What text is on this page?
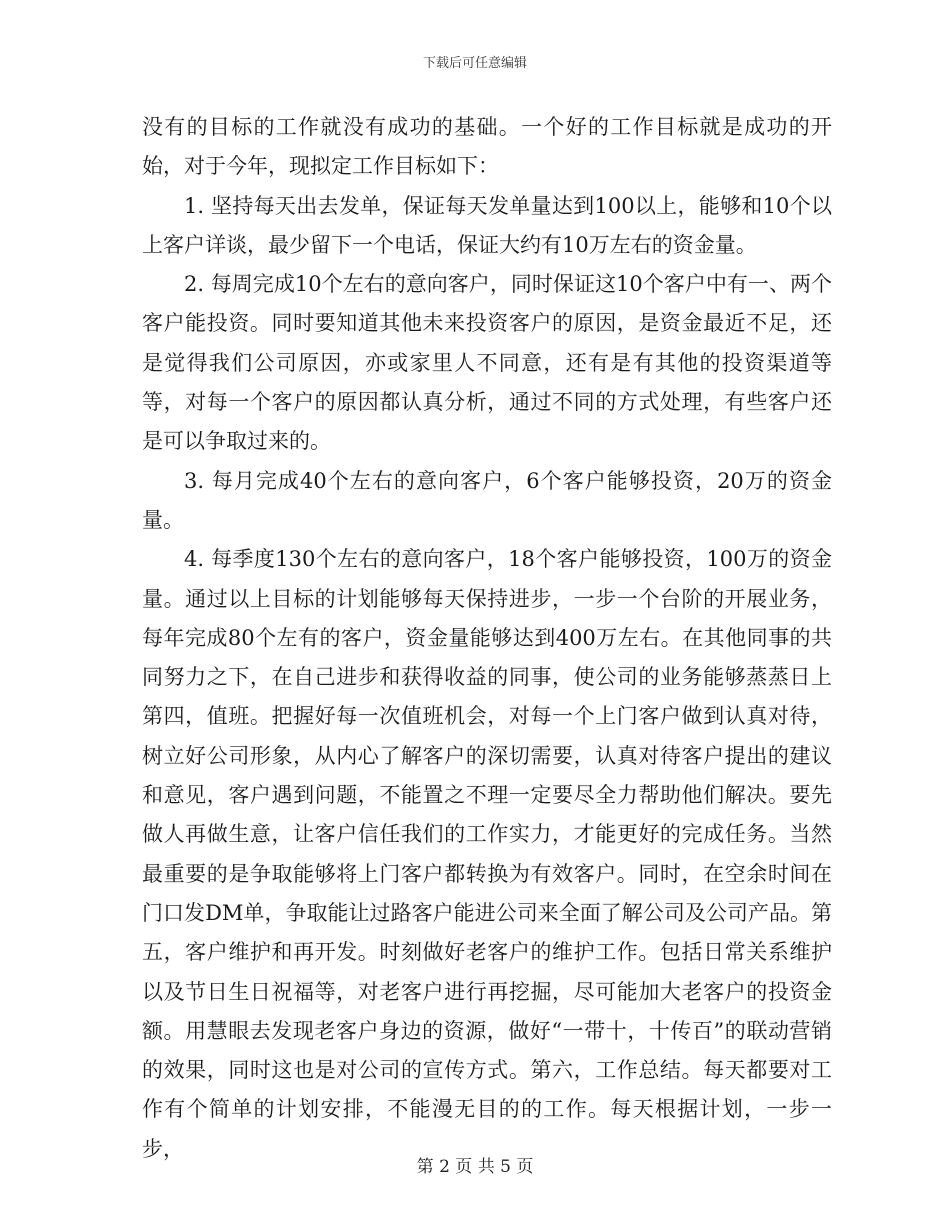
下载后可任意编辑

没有的目标的工作就没有成功的基础。一个好的工作目标就是成功的开始，对于今年，现拟定工作目标如下：

1. 坚持每天出去发单，保证每天发单量达到100以上，能够和10个以上客户详谈，最少留下一个电话，保证大约有10万左右的资金量。

2. 每周完成10个左右的意向客户，同时保证这10个客户中有一、两个客户能投资。同时要知道其他未来投资客户的原因，是资金最近不足，还是觉得我们公司原因，亦或家里人不同意，还有是有其他的投资渠道等等，对每一个客户的原因都认真分析，通过不同的方式处理，有些客户还是可以争取过来的。

3. 每月完成40个左右的意向客户，6个客户能够投资，20万的资金量。

4. 每季度130个左右的意向客户，18个客户能够投资，100万的资金量。通过以上目标的计划能够每天保持进步，一步一个台阶的开展业务，每年完成80个左有的客户，资金量能够达到400万左右。在其他同事的共同努力之下，在自己进步和获得收益的同事，使公司的业务能够蒸蒸日上第四，值班。把握好每一次值班机会，对每一个上门客户做到认真对待，树立好公司形象，从内心了解客户的深切需要，认真对待客户提出的建议和意见，客户遇到问题，不能置之不理一定要尽全力帮助他们解决。要先做人再做生意，让客户信任我们的工作实力，才能更好的完成任务。当然最重要的是争取能够将上门客户都转换为有效客户。同时，在空余时间在门口发DM单，争取能让过路客户能进公司来全面了解公司及公司产品。第五，客户维护和再开发。时刻做好老客户的维护工作。包括日常关系维护以及节日生日祝福等，对老客户进行再挖掘，尽可能加大老客户的投资金额。用慧眼去发现老客户身边的资源，做好“一带十，十传百”的联动营销的效果，同时这也是对公司的宣传方式。第六，工作总结。每天都要对工作有个简单的计划安排，不能漫无目的的工作。每天根据计划，一步一步，

第 2 页 共 5 页
